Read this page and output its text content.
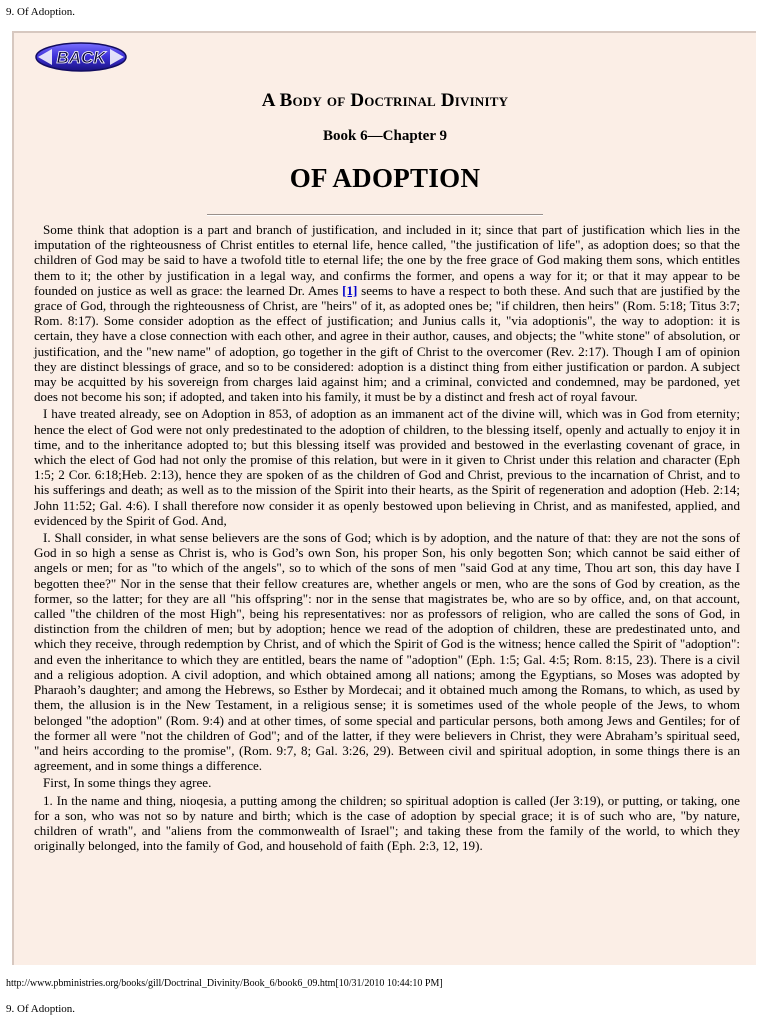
9. Of Adoption.
BACK
A Body of Doctrinal Divinity
Book 6—Chapter 9
OF ADOPTION

Some think that adoption is a part and branch of justification, and included in it; since that part of justification which lies in the imputation of the righteousness of Christ entitles to eternal life, hence called, "the justification of life", as adoption does; so that the children of God may be said to have a twofold title to eternal life; the one by the free grace of God making them sons, which entitles them to it; the other by justification in a legal way, and confirms the former, and opens a way for it; or that it may appear to be founded on justice as well as grace: the learned Dr. Ames [1] seems to have a respect to both these. And such that are justified by the grace of God, through the righteousness of Christ, are "heirs" of it, as adopted ones be; "if children, then heirs" (Rom. 5:18; Titus 3:7; Rom. 8:17). Some consider adoption as the effect of justification; and Junius calls it, "via adoptionis", the way to adoption: it is certain, they have a close connection with each other, and agree in their author, causes, and objects; the "white stone" of absolution, or justification, and the "new name" of adoption, go together in the gift of Christ to the overcomer (Rev. 2:17). Though I am of opinion they are distinct blessings of grace, and so to be considered: adoption is a distinct thing from either justification or pardon. A subject may be acquitted by his sovereign from charges laid against him; and a criminal, convicted and condemned, may be pardoned, yet does not become his son; if adopted, and taken into his family, it must be by a distinct and fresh act of royal favour.

I have treated already, see on Adoption in 853, of adoption as an immanent act of the divine will, which was in God from eternity; hence the elect of God were not only predestinated to the adoption of children, to the blessing itself, openly and actually to enjoy it in time, and to the inheritance adopted to; but this blessing itself was provided and bestowed in the everlasting covenant of grace, in which the elect of God had not only the promise of this relation, but were in it given to Christ under this relation and character (Eph 1:5; 2 Cor. 6:18;Heb. 2:13), hence they are spoken of as the children of God and Christ, previous to the incarnation of Christ, and to his sufferings and death; as well as to the mission of the Spirit into their hearts, as the Spirit of regeneration and adoption (Heb. 2:14; John 11:52; Gal. 4:6). I shall therefore now consider it as openly bestowed upon believing in Christ, and as manifested, applied, and evidenced by the Spirit of God. And,

I. Shall consider, in what sense believers are the sons of God; which is by adoption, and the nature of that: they are not the sons of God in so high a sense as Christ is, who is God’s own Son, his proper Son, his only begotten Son; which cannot be said either of angels or men; for as "to which of the angels", so to which of the sons of men "said God at any time, Thou art son, this day have I begotten thee?" Nor in the sense that their fellow creatures are, whether angels or men, who are the sons of God by creation, as the former, so the latter; for they are all "his offspring": nor in the sense that magistrates be, who are so by office, and, on that account, called "the children of the most High", being his representatives: nor as professors of religion, who are called the sons of God, in distinction from the children of men; but by adoption; hence we read of the adoption of children, these are predestinated unto, and which they receive, through redemption by Christ, and of which the Spirit of God is the witness; hence called the Spirit of "adoption": and even the inheritance to which they are entitled, bears the name of "adoption" (Eph. 1:5; Gal. 4:5; Rom. 8:15, 23). There is a civil and a religious adoption. A civil adoption, and which obtained among all nations; among the Egyptians, so Moses was adopted by Pharaoh’s daughter; and among the Hebrews, so Esther by Mordecai; and it obtained much among the Romans, to which, as used by them, the allusion is in the New Testament, in a religious sense; it is sometimes used of the whole people of the Jews, to whom belonged "the adoption" (Rom. 9:4) and at other times, of some special and particular persons, both among Jews and Gentiles; for of the former all were "not the children of God"; and of the latter, if they were believers in Christ, they were Abraham’s spiritual seed, "and heirs according to the promise", (Rom. 9:7, 8; Gal. 3:26, 29). Between civil and spiritual adoption, in some things there is an agreement, and in some things a difference.

First, In some things they agree.

1. In the name and thing, nioqesia, a putting among the children; so spiritual adoption is called (Jer 3:19), or putting, or taking, one for a son, who was not so by nature and birth; which is the case of adoption by special grace; it is of such who are, "by nature, children of wrath", and "aliens from the commonwealth of Israel"; and taking these from the family of the world, to which they originally belonged, into the family of God, and household of faith (Eph. 2:3, 12, 19).

http://www.pbministries.org/books/gill/Doctrinal_Divinity/Book_6/book6_09.htm[10/31/2010 10:44:10 PM]
9. Of Adoption.
